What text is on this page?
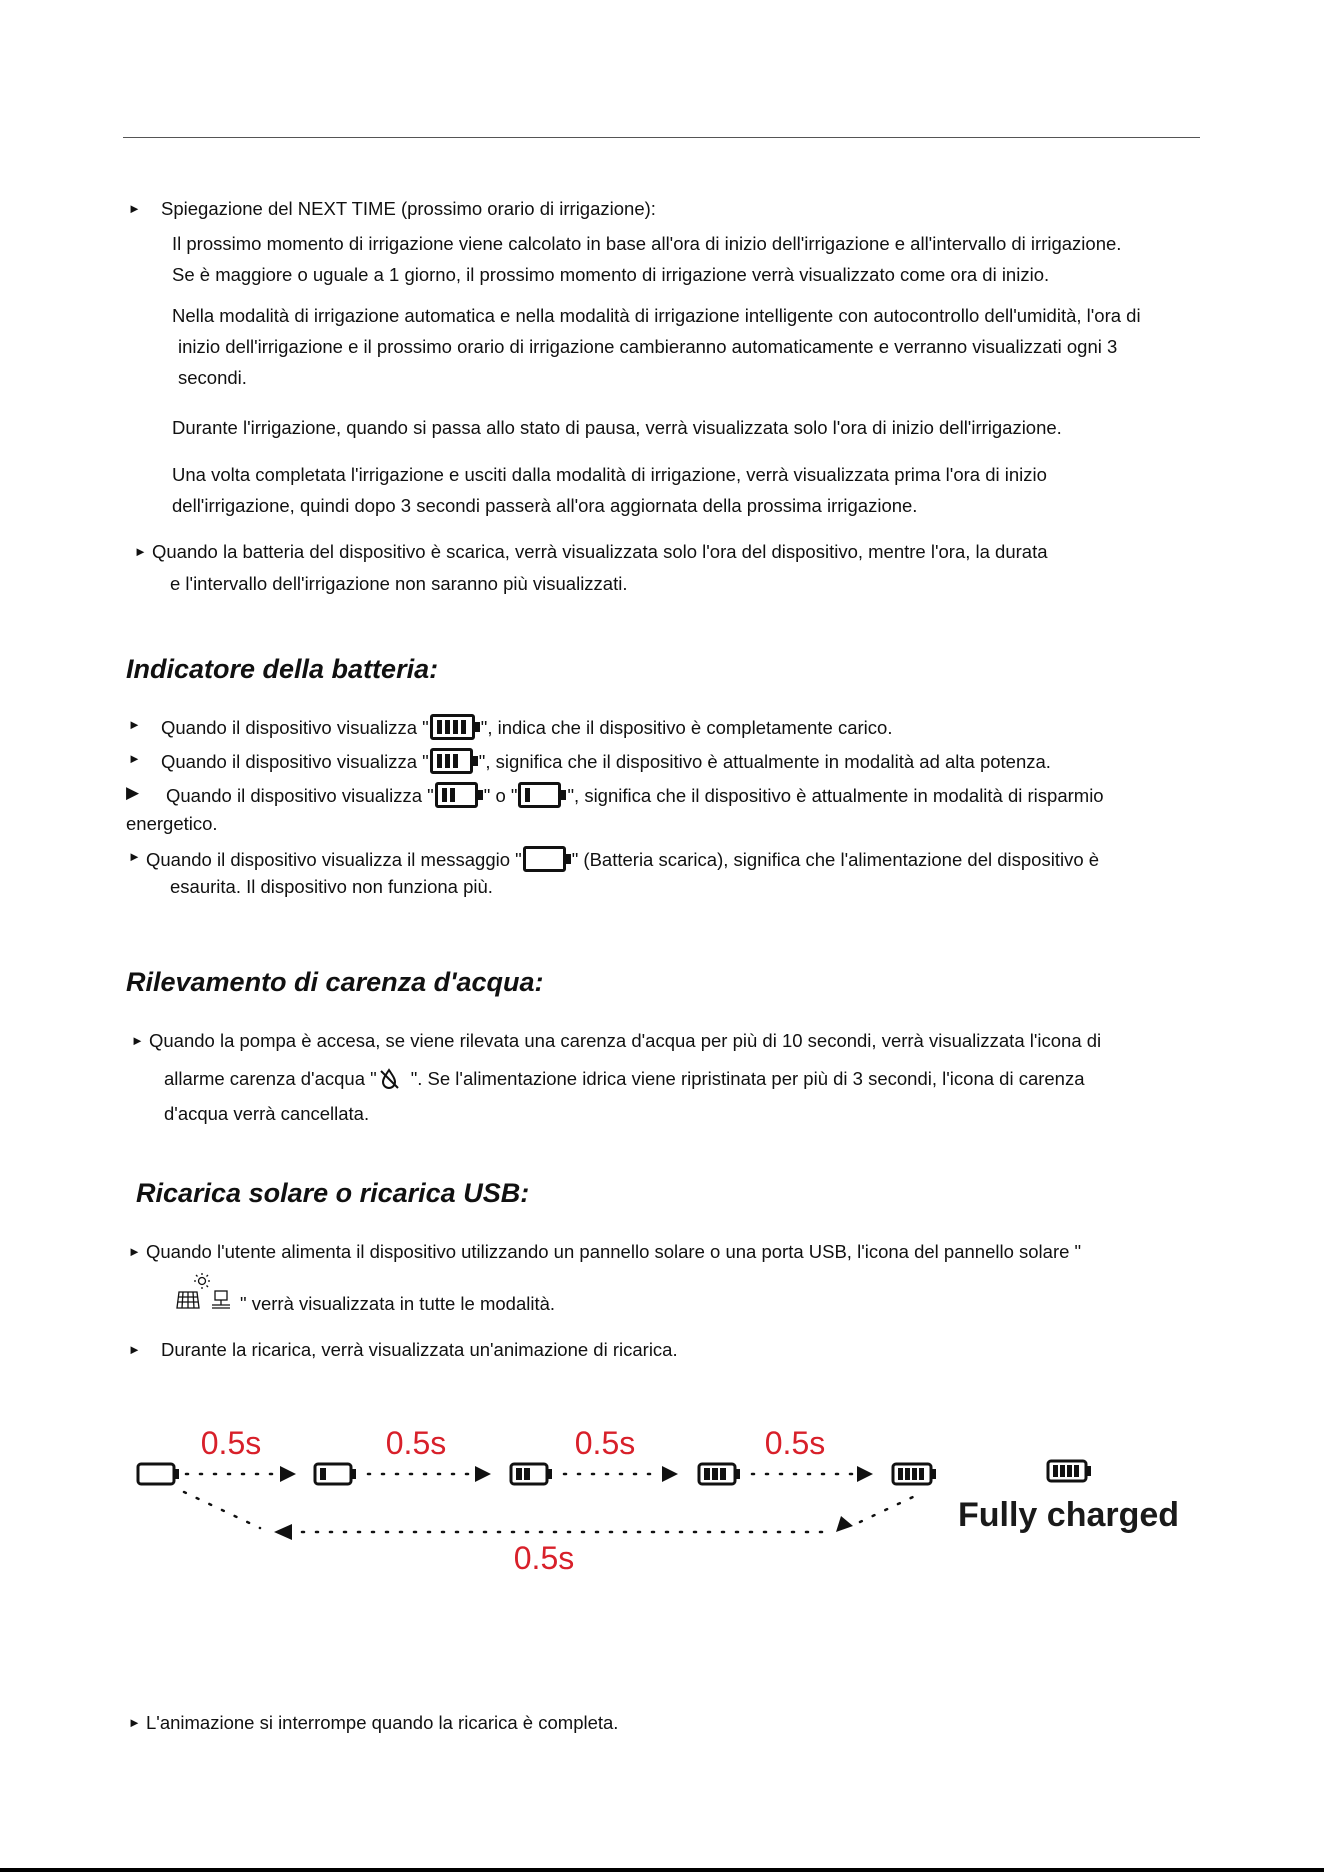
► Spiegazione del NEXT TIME (prossimo orario di irrigazione):
Il prossimo momento di irrigazione viene calcolato in base all'ora di inizio dell'irrigazione e all'intervallo di irrigazione.
Se è maggiore o uguale a 1 giorno, il prossimo momento di irrigazione verrà visualizzato come ora di inizio.
Nella modalità di irrigazione automatica e nella modalità di irrigazione intelligente con autocontrollo dell'umidità, l'ora di
inizio dell'irrigazione e il prossimo orario di irrigazione cambieranno automaticamente e verranno visualizzati ogni 3
secondi.
Durante l'irrigazione, quando si passa allo stato di pausa, verrà visualizzata solo l'ora di inizio dell'irrigazione.
Una volta completata l'irrigazione e usciti dalla modalità di irrigazione, verrà visualizzata prima l'ora di inizio
dell'irrigazione, quindi dopo 3 secondi passerà all'ora aggiornata della prossima irrigazione.
► Quando la batteria del dispositivo è scarica, verrà visualizzata solo l'ora del dispositivo, mentre l'ora, la durata
e l'intervallo dell'irrigazione non saranno più visualizzati.
Indicatore della batteria:
► Quando il dispositivo visualizza "	", indica che il dispositivo è completamente carico.
► Quando il dispositivo visualizza "	", significa che il dispositivo è attualmente in modalità ad alta potenza.
▶ Quando il dispositivo visualizza "	" o "	", significa che il dispositivo è attualmente in modalità di risparmio
energetico.
► Quando il dispositivo visualizza il messaggio "	" (Batteria scarica), significa che l'alimentazione del dispositivo è
esaurita. Il dispositivo non funziona più.
Rilevamento di carenza d'acqua:
► Quando la pompa è accesa, se viene rilevata una carenza d'acqua per più di 10 secondi, verrà visualizzata l'icona di
allarme carenza d'acqua " ". Se l'alimentazione idrica viene ripristinata per più di 3 secondi, l'icona di carenza
d'acqua verrà cancellata.
Ricarica solare o ricarica USB:
► Quando l'utente alimenta il dispositivo utilizzando un pannello solare o una porta USB, l'icona del pannello solare "
" verrà visualizzata in tutte le modalità.
► Durante la ricarica, verrà visualizzata un'animazione di ricarica.
0.5s	0.5s	0.5s	0.5s
0.5s
Fully charged
► L'animazione si interrompe quando la ricarica è completa.
